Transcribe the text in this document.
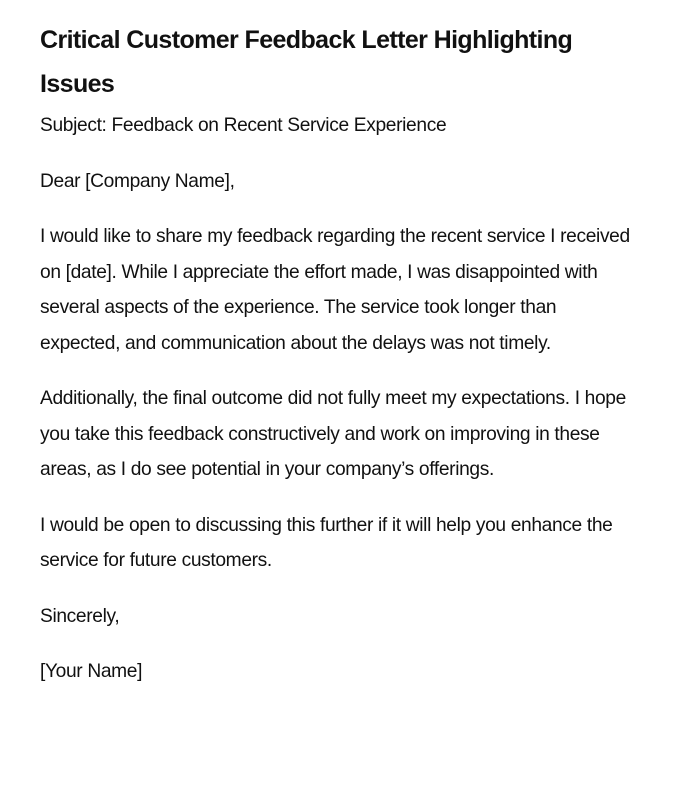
Critical Customer Feedback Letter Highlighting Issues

Subject: Feedback on Recent Service Experience

Dear [Company Name],

I would like to share my feedback regarding the recent service I received on [date]. While I appreciate the effort made, I was disappointed with several aspects of the experience. The service took longer than expected, and communication about the delays was not timely.

Additionally, the final outcome did not fully meet my expectations. I hope you take this feedback constructively and work on improving in these areas, as I do see potential in your company’s offerings.

I would be open to discussing this further if it will help you enhance the service for future customers.

Sincerely,

[Your Name]
